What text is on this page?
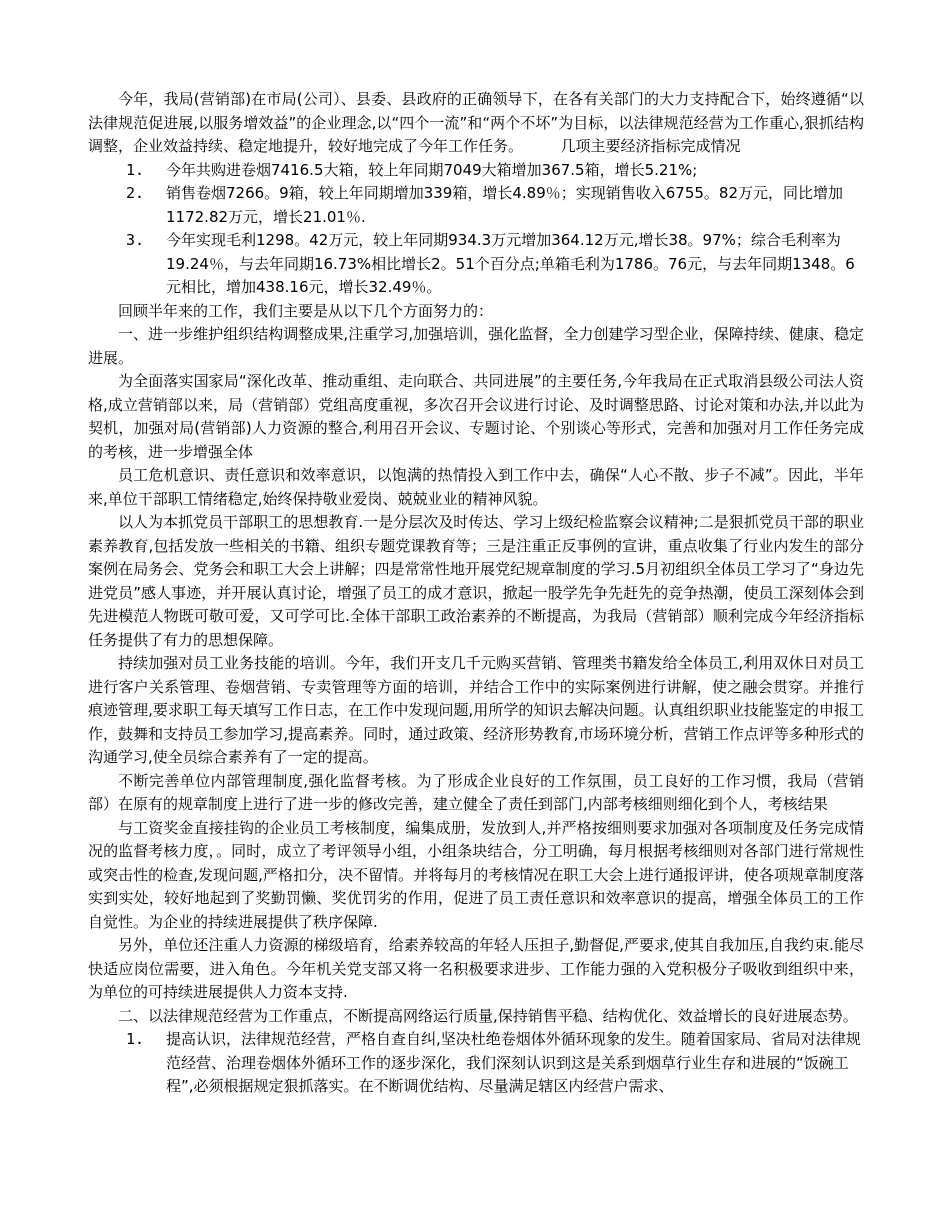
今年，我局(营销部)在市局(公司）、县委、县政府的正确领导下，在各有关部门的大力支持配合下，始终遵循“以法律规范促进展,以服务增效益”的企业理念,以“四个一流”和“两个不坏”为目标，以法律规范经营为工作重心,狠抓结构调整，企业效益持续、稳定地提升，较好地完成了今年工作任务。　　　几项主要经济指标完成情况

1.	今年共购进卷烟7416.5大箱，较上年同期7049大箱增加367.5箱，增长5.21%;
2.	销售卷烟7266。9箱，较上年同期增加339箱，增长4.89％；实现销售收入6755。82万元，同比增加1172.82万元，增长21.01％.
3.	今年实现毛利1298。42万元，较上年同期934.3万元增加364.12万元,增长38。97%；综合毛利率为19.24％，与去年同期16.73%相比增长2。51个百分点;单箱毛利为1786。76元，与去年同期1348。6元相比，增加438.16元，增长32.49％。

回顾半年来的工作，我们主要是从以下几个方面努力的：

一、进一步维护组织结构调整成果,注重学习,加强培训，强化监督，全力创建学习型企业，保障持续、健康、稳定进展。

为全面落实国家局“深化改革、推动重组、走向联合、共同进展”的主要任务,今年我局在正式取消县级公司法人资格,成立营销部以来，局（营销部）党组高度重视，多次召开会议进行讨论、及时调整思路、讨论对策和办法,并以此为契机，加强对局(营销部)人力资源的整合,利用召开会议、专题讨论、个别谈心等形式，完善和加强对月工作任务完成的考核，进一步增强全体

员工危机意识、责任意识和效率意识，以饱满的热情投入到工作中去，确保“人心不散、步子不减”。因此，半年来,单位干部职工情绪稳定,始终保持敬业爱岗、兢兢业业的精神风貌。

以人为本抓党员干部职工的思想教育.一是分层次及时传达、学习上级纪检监察会议精神;二是狠抓党员干部的职业素养教育,包括发放一些相关的书籍、组织专题党课教育等；三是注重正反事例的宣讲，重点收集了行业内发生的部分案例在局务会、党务会和职工大会上讲解；四是常常性地开展党纪规章制度的学习.5月初组织全体员工学习了“身边先进党员”感人事迹，并开展认真讨论，增强了员工的成才意识，掀起一股学先争先赶先的竞争热潮，使员工深刻体会到先进模范人物既可敬可爱，又可学可比.全体干部职工政治素养的不断提高，为我局（营销部）顺利完成今年经济指标任务提供了有力的思想保障。

持续加强对员工业务技能的培训。今年，我们开支几千元购买营销、管理类书籍发给全体员工,利用双休日对员工进行客户关系管理、卷烟营销、专卖管理等方面的培训，并结合工作中的实际案例进行讲解，使之融会贯穿。并推行痕迹管理,要求职工每天填写工作日志，在工作中发现问题,用所学的知识去解决问题。认真组织职业技能鉴定的申报工作，鼓舞和支持员工参加学习,提高素养。同时，通过政策、经济形势教育,市场环境分析，营销工作点评等多种形式的沟通学习,使全员综合素养有了一定的提高。

不断完善单位内部管理制度,强化监督考核。为了形成企业良好的工作氛围，员工良好的工作习惯，我局（营销部）在原有的规章制度上进行了进一步的修改完善，建立健全了责任到部门,内部考核细则细化到个人，考核结果

与工资奖金直接挂钩的企业员工考核制度，编集成册，发放到人,并严格按细则要求加强对各项制度及任务完成情况的监督考核力度，。同时，成立了考评领导小组，小组条块结合，分工明确，每月根据考核细则对各部门进行常规性或突击性的检查,发现问题,严格扣分，决不留情。并将每月的考核情况在职工大会上进行通报评讲，使各项规章制度落实到实处，较好地起到了奖勤罚懒、奖优罚劣的作用，促进了员工责任意识和效率意识的提高，增强全体员工的工作自觉性。为企业的持续进展提供了秩序保障.

另外，单位还注重人力资源的梯级培育，给素养较高的年轻人压担子,勤督促,严要求,使其自我加压,自我约束.能尽快适应岗位需要，进入角色。今年机关党支部又将一名积极要求进步、工作能力强的入党积极分子吸收到组织中来，为单位的可持续进展提供人力资本支持.

二、以法律规范经营为工作重点，不断提高网络运行质量,保持销售平稳、结构优化、效益增长的良好进展态势。

1.	提高认识，法律规范经营，严格自查自纠,坚决杜绝卷烟体外循环现象的发生。随着国家局、省局对法律规范经营、治理卷烟体外循环工作的逐步深化，我们深刻认识到这是关系到烟草行业生存和进展的“饭碗工程”,必须根据规定狠抓落实。在不断调优结构、尽量满足辖区内经营户需求、
